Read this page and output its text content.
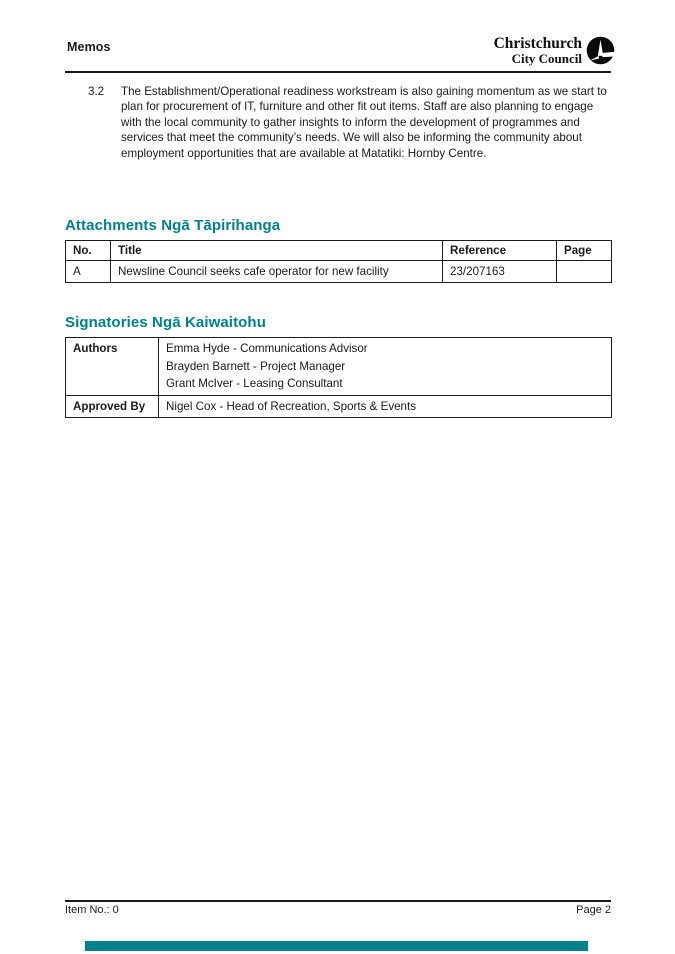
Memos	Christchurch
City Council
3.2 The Establishment/Operational readiness workstream is also gaining momentum as we start to plan for procurement of IT, furniture and other fit out items. Staff are also planning to engage with the local community to gather insights to inform the development of programmes and services that meet the community’s needs. We will also be informing the community about employment opportunities that are available at Matatiki: Hornby Centre.
Attachments Ngā Tāpirihanga
No.	Title	Reference	Page
A	Newsline Council seeks cafe operator for new facility	23/207163	
Signatories Ngā Kaiwaitohu
Authors	Emma Hyde - Communications Advisor
Brayden Barnett - Project Manager
Grant McIver - Leasing Consultant

Approved By	Nigel Cox - Head of Recreation, Sports & Events
Item No.: 0	Page 2
